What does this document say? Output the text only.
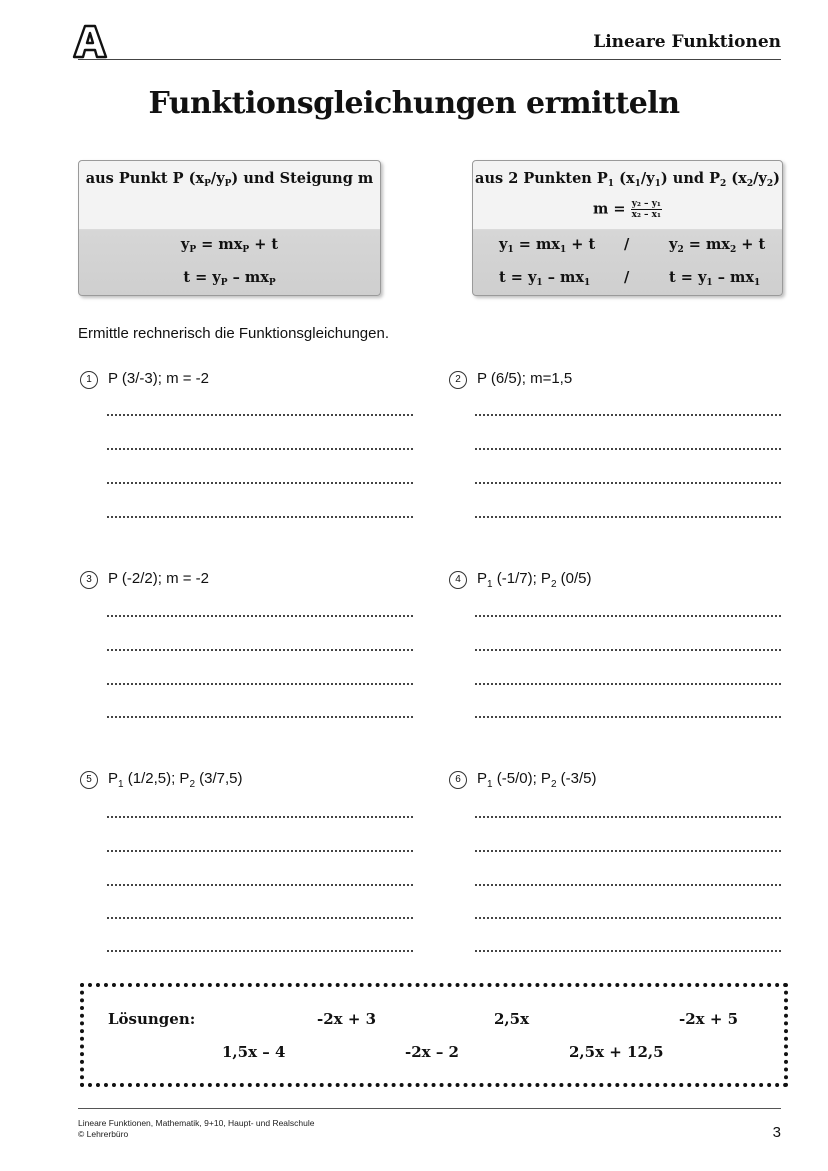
Lineare Funktionen
Funktionsgleichungen ermitteln
aus Punkt P $(x_P/y_P)$ und Steigung m
$y_P = mx_P + t$
$t = y_P - mx_P$
aus 2 Punkten $P_1$ $(x_1/y_1)$ und $P_2$ $(x_2/y_2)$
$m = \frac{\text{y₂ – y₁}}{\text{x₂ – x₁}}$
$y_1 = mx_1 + t$ /	$y_2 = mx_2 + t$
$t = y_1 - mx_1$ /	$t = y_1 - mx_1$
Ermittle rechnerisch die Funktionsgleichungen.
1 P (3/-3); m = -2	2 P (6/5); m=1,5
3 P (-2/2); m = -2	4 $P_1$ (-1/7); $P_2$ (0/5)
5 $P_1$ (1/2,5); $P_2$ (3/7,5)	6 $P_1$ (-5/0); $P_2$ (-3/5)
Lösungen:	-2x + 3	2,5x	-2x + 5
1,5x – 4	-2x – 2	2,5x + 12,5
Lineare Funktionen, Mathematik, 9+10, Haupt- und Realschule
© Lehrerbüro	3
